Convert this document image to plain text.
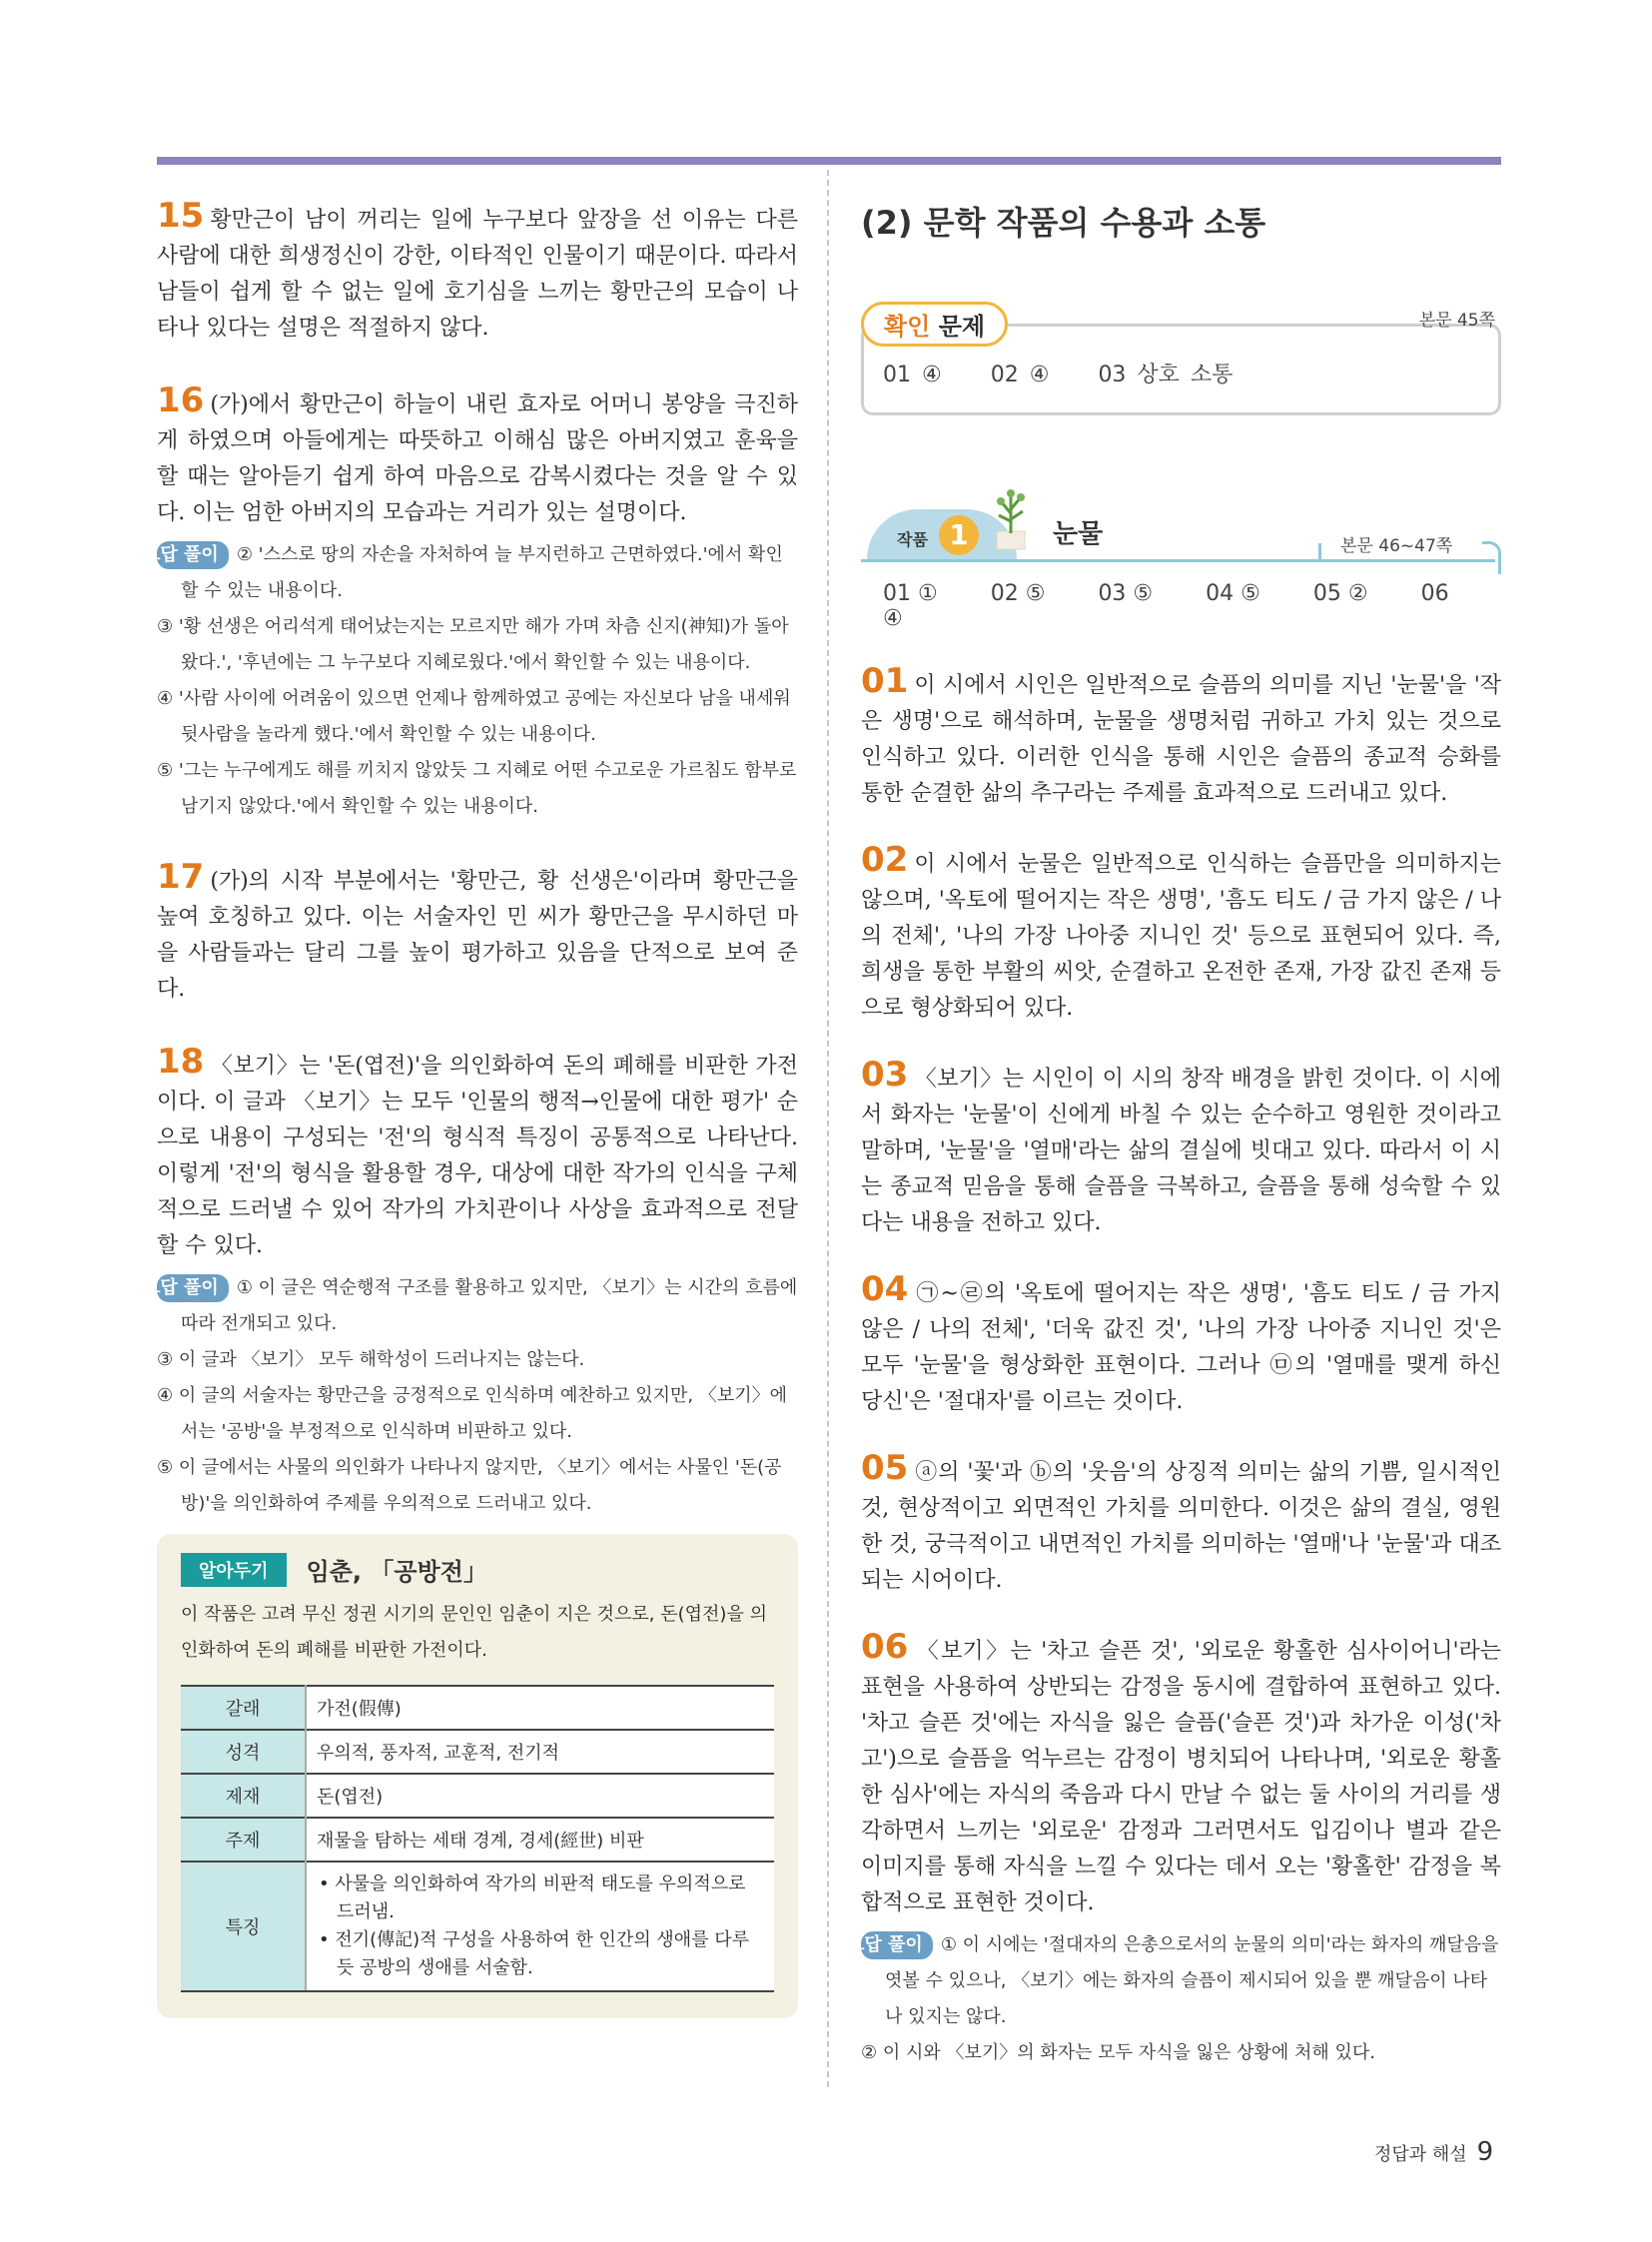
15 황만근이 남이 꺼리는 일에 누구보다 앞장을 선 이유는 다른 사람에 대한 희생정신이 강한, 이타적인 인물이기 때문이다. 따라서 남들이 쉽게 할 수 없는 일에 호기심을 느끼는 황만근의 모습이 나타나 있다는 설명은 적절하지 않다.

16 (가)에서 황만근이 하늘이 내린 효자로 어머니 봉양을 극진하게 하였으며 아들에게는 따뜻하고 이해심 많은 아버지였고 훈육을 할 때는 알아듣기 쉽게 하여 마음으로 감복시켰다는 것을 알 수 있다. 이는 엄한 아버지의 모습과는 거리가 있는 설명이다.

오답 풀이 ② '스스로 땅의 자손을 자처하여 늘 부지런하고 근면하였다.'에서 확인할 수 있는 내용이다.

③ '황 선생은 어리석게 태어났는지는 모르지만 해가 가며 차츰 신지(神知)가 돌아왔다.', '후년에는 그 누구보다 지혜로웠다.'에서 확인할 수 있는 내용이다.

④ '사람 사이에 어려움이 있으면 언제나 함께하였고 공에는 자신보다 남을 내세워 뒷사람을 놀라게 했다.'에서 확인할 수 있는 내용이다.

⑤ '그는 누구에게도 해를 끼치지 않았듯 그 지혜로 어떤 수고로운 가르침도 함부로 남기지 않았다.'에서 확인할 수 있는 내용이다.

17 (가)의 시작 부분에서는 '황만근, 황 선생은'이라며 황만근을 높여 호칭하고 있다. 이는 서술자인 민 씨가 황만근을 무시하던 마을 사람들과는 달리 그를 높이 평가하고 있음을 단적으로 보여 준다.

18 〈보기〉는 '돈(엽전)'을 의인화하여 돈의 폐해를 비판한 가전이다. 이 글과 〈보기〉는 모두 '인물의 행적→인물에 대한 평가' 순으로 내용이 구성되는 '전'의 형식적 특징이 공통적으로 나타난다. 이렇게 '전'의 형식을 활용할 경우, 대상에 대한 작가의 인식을 구체적으로 드러낼 수 있어 작가의 가치관이나 사상을 효과적으로 전달할 수 있다.

오답 풀이 ① 이 글은 역순행적 구조를 활용하고 있지만, 〈보기〉는 시간의 흐름에 따라 전개되고 있다.

③ 이 글과 〈보기〉 모두 해학성이 드러나지는 않는다.

④ 이 글의 서술자는 황만근을 긍정적으로 인식하며 예찬하고 있지만, 〈보기〉에서는 '공방'을 부정적으로 인식하며 비판하고 있다.

⑤ 이 글에서는 사물의 의인화가 나타나지 않지만, 〈보기〉에서는 사물인 '돈(공방)'을 의인화하여 주제를 우의적으로 드러내고 있다.

알아두기	임춘, 「공방전」

이 작품은 고려 무신 정권 시기의 문인인 임춘이 지은 것으로, 돈(엽전)을 의인화하여 돈의 폐해를 비판한 가전이다.

갈래	가전(假傳)
성격	우의적, 풍자적, 교훈적, 전기적
제재	돈(엽전)
주제	재물을 탐하는 세태 경계, 경세(經世) 비판
특징	• 사물을 의인화하여 작가의 비판적 태도를 우의적으로 드러냄.
• 전기(傳記)적 구성을 사용하여 한 인간의 생애를 다루듯 공방의 생애를 서술함.
(2) 문학 작품의 수용과 소통
확인 문제	본문 45쪽
01 ④ 02 ④ 03 상호 소통
작품 1	눈물	본문 46~47쪽
01 ① 02 ⑤ 03 ⑤ 04 ⑤ 05 ② 06 ④

01 이 시에서 시인은 일반적으로 슬픔의 의미를 지닌 '눈물'을 '작은 생명'으로 해석하며, 눈물을 생명처럼 귀하고 가치 있는 것으로 인식하고 있다. 이러한 인식을 통해 시인은 슬픔의 종교적 승화를 통한 순결한 삶의 추구라는 주제를 효과적으로 드러내고 있다.

02 이 시에서 눈물은 일반적으로 인식하는 슬픔만을 의미하지는 않으며, '옥토에 떨어지는 작은 생명', '흠도 티도 / 금 가지 않은 / 나의 전체', '나의 가장 나아중 지니인 것' 등으로 표현되어 있다. 즉, 희생을 통한 부활의 씨앗, 순결하고 온전한 존재, 가장 값진 존재 등으로 형상화되어 있다.

03 〈보기〉는 시인이 이 시의 창작 배경을 밝힌 것이다. 이 시에서 화자는 '눈물'이 신에게 바칠 수 있는 순수하고 영원한 것이라고 말하며, '눈물'을 '열매'라는 삶의 결실에 빗대고 있다. 따라서 이 시는 종교적 믿음을 통해 슬픔을 극복하고, 슬픔을 통해 성숙할 수 있다는 내용을 전하고 있다.

04 ㉠~㉣의 '옥토에 떨어지는 작은 생명', '흠도 티도 / 금 가지 않은 / 나의 전체', '더욱 값진 것', '나의 가장 나아중 지니인 것'은 모두 '눈물'을 형상화한 표현이다. 그러나 ㉤의 '열매를 맺게 하신 당신'은 '절대자'를 이르는 것이다.

05 ⓐ의 '꽃'과 ⓑ의 '웃음'의 상징적 의미는 삶의 기쁨, 일시적인 것, 현상적이고 외면적인 가치를 의미한다. 이것은 삶의 결실, 영원한 것, 궁극적이고 내면적인 가치를 의미하는 '열매'나 '눈물'과 대조되는 시어이다.

06 〈보기〉는 '차고 슬픈 것', '외로운 황홀한 심사이어니'라는 표현을 사용하여 상반되는 감정을 동시에 결합하여 표현하고 있다. '차고 슬픈 것'에는 자식을 잃은 슬픔('슬픈 것')과 차가운 이성('차고')으로 슬픔을 억누르는 감정이 병치되어 나타나며, '외로운 황홀한 심사'에는 자식의 죽음과 다시 만날 수 없는 둘 사이의 거리를 생각하면서 느끼는 '외로운' 감정과 그러면서도 입김이나 별과 같은 이미지를 통해 자식을 느낄 수 있다는 데서 오는 '황홀한' 감정을 복합적으로 표현한 것이다.

오답 풀이 ① 이 시에는 '절대자의 은총으로서의 눈물의 의미'라는 화자의 깨달음을 엿볼 수 있으나, 〈보기〉에는 화자의 슬픔이 제시되어 있을 뿐 깨달음이 나타나 있지는 않다.

② 이 시와 〈보기〉의 화자는 모두 자식을 잃은 상황에 처해 있다.

정답과 해설 9
